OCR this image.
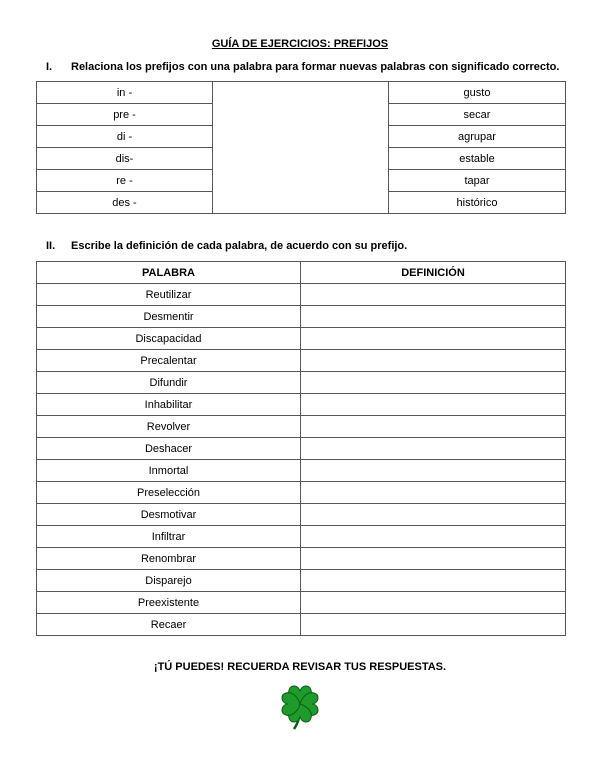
GUÍA DE EJERCICIOS: PREFIJOS
I. Relaciona los prefijos con una palabra para formar nuevas palabras con significado correcto.
in -		gusto
pre -		secar
di -		agrupar
dis-		estable
re -		tapar
des -		histórico
II. Escribe la definición de cada palabra, de acuerdo con su prefijo.
PALABRA	DEFINICIÓN
Reutilizar	
Desmentir	
Discapacidad	
Precalentar	
Difundir	
Inhabilitar	
Revolver	
Deshacer	
Inmortal	
Preselección	
Desmotivar	
Infiltrar	
Renombrar	
Disparejo	
Preexistente	
Recaer	
¡TÚ PUEDES! RECUERDA REVISAR TUS RESPUESTAS.
